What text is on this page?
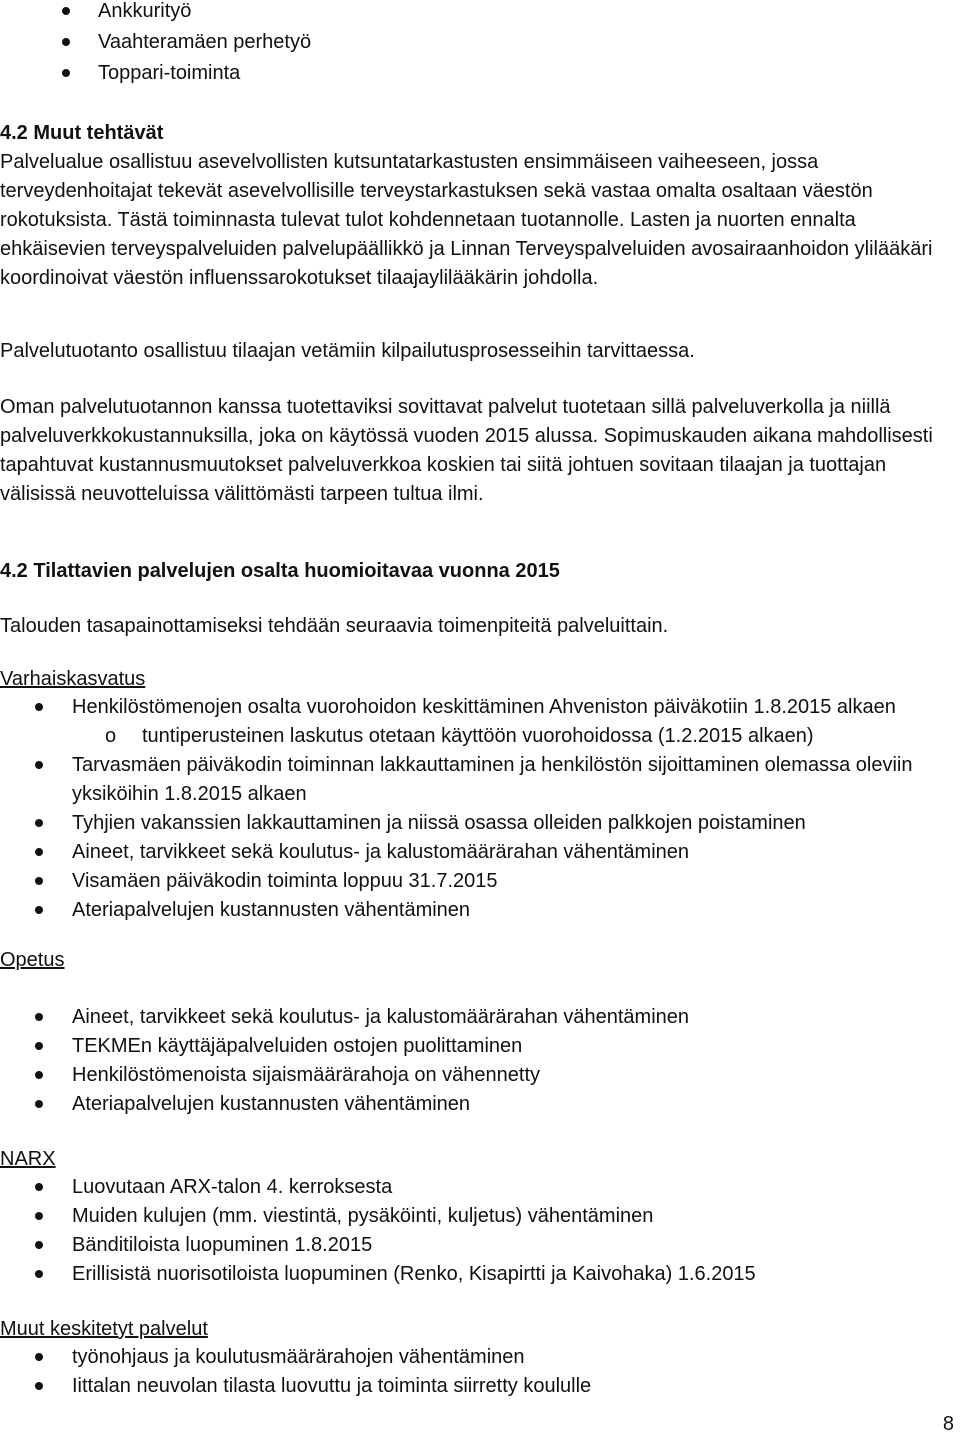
Ankkurityö
Vaahteramäen perhetyö
Toppari-toiminta
4.2 Muut tehtävät

Palvelualue osallistuu asevelvollisten kutsuntatarkastusten ensimmäiseen vaiheeseen, jossa terveydenhoitajat tekevät asevelvollisille terveystarkastuksen sekä vastaa omalta osaltaan väestön rokotuksista. Tästä toiminnasta tulevat tulot kohdennetaan tuotannolle. Lasten ja nuorten ennalta ehkäisevien terveyspalveluiden palvelupäällikkö ja Linnan Terveyspalveluiden avosairaanhoidon ylilääkäri koordinoivat väestön influenssarokotukset tilaajaylilääkärin johdolla.

Palvelutuotanto osallistuu tilaajan vetämiin kilpailutusprosesseihin tarvittaessa.

Oman palvelutuotannon kanssa tuotettaviksi sovittavat palvelut tuotetaan sillä palveluverkolla ja niillä palveluverkkokustannuksilla, joka on käytössä vuoden 2015 alussa. Sopimuskauden aikana mahdollisesti tapahtuvat kustannusmuutokset palveluverkkoa koskien tai siitä johtuen sovitaan tilaajan ja tuottajan välisissä neuvotteluissa välittömästi tarpeen tultua ilmi.

4.2 Tilattavien palvelujen osalta huomioitavaa vuonna 2015

Talouden tasapainottamiseksi tehdään seuraavia toimenpiteitä palveluittain.

Varhaiskasvatus
Henkilöstömenojen osalta vuorohoidon keskittäminen Ahveniston päiväkotiin 1.8.2015 alkaen
o tuntiperusteinen laskutus otetaan käyttöön vuorohoidossa (1.2.2015 alkaen)
Tarvasmäen päiväkodin toiminnan lakkauttaminen ja henkilöstön sijoittaminen olemassa oleviin yksiköihin 1.8.2015 alkaen
Tyhjien vakanssien lakkauttaminen ja niissä osassa olleiden palkkojen poistaminen
Aineet, tarvikkeet sekä koulutus- ja kalustomäärärahan vähentäminen
Visamäen päiväkodin toiminta loppuu 31.7.2015
Ateriapalvelujen kustannusten vähentäminen
Opetus
Aineet, tarvikkeet sekä koulutus- ja kalustomäärärahan vähentäminen
TEKMEn käyttäjäpalveluiden ostojen puolittaminen
Henkilöstömenoista sijaismäärärahoja on vähennetty
Ateriapalvelujen kustannusten vähentäminen
NARX
Luovutaan ARX-talon 4. kerroksesta
Muiden kulujen (mm. viestintä, pysäköinti, kuljetus) vähentäminen
Bänditiloista luopuminen 1.8.2015
Erillisistä nuorisotiloista luopuminen (Renko, Kisapirtti ja Kaivohaka) 1.6.2015
Muut keskitetyt palvelut
työnohjaus ja koulutusmäärärahojen vähentäminen
Iittalan neuvolan tilasta luovuttu ja toiminta siirretty koululle
8
